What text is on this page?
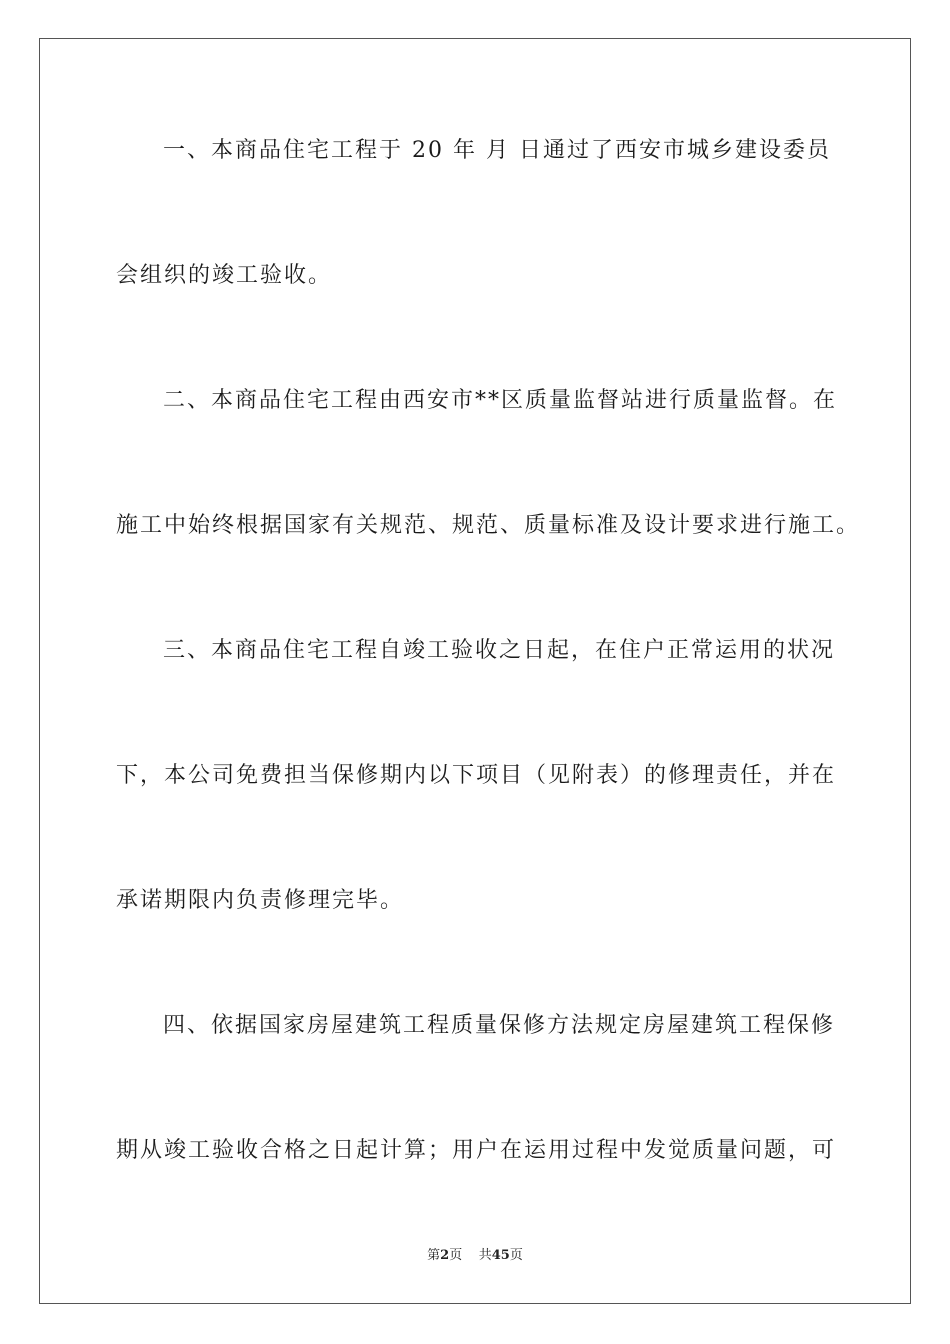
一、本商品住宅工程于 20 年 月 日通过了西安市城乡建设委员
会组织的竣工验收。
二、本商品住宅工程由西安市**区质量监督站进行质量监督。在
施工中始终根据国家有关规范、规范、质量标准及设计要求进行施工。
三、本商品住宅工程自竣工验收之日起，在住户正常运用的状况
下，本公司免费担当保修期内以下项目（见附表）的修理责任，并在
承诺期限内负责修理完毕。
四、依据国家房屋建筑工程质量保修方法规定房屋建筑工程保修
期从竣工验收合格之日起计算；用户在运用过程中发觉质量问题，可
第2页 共45页
